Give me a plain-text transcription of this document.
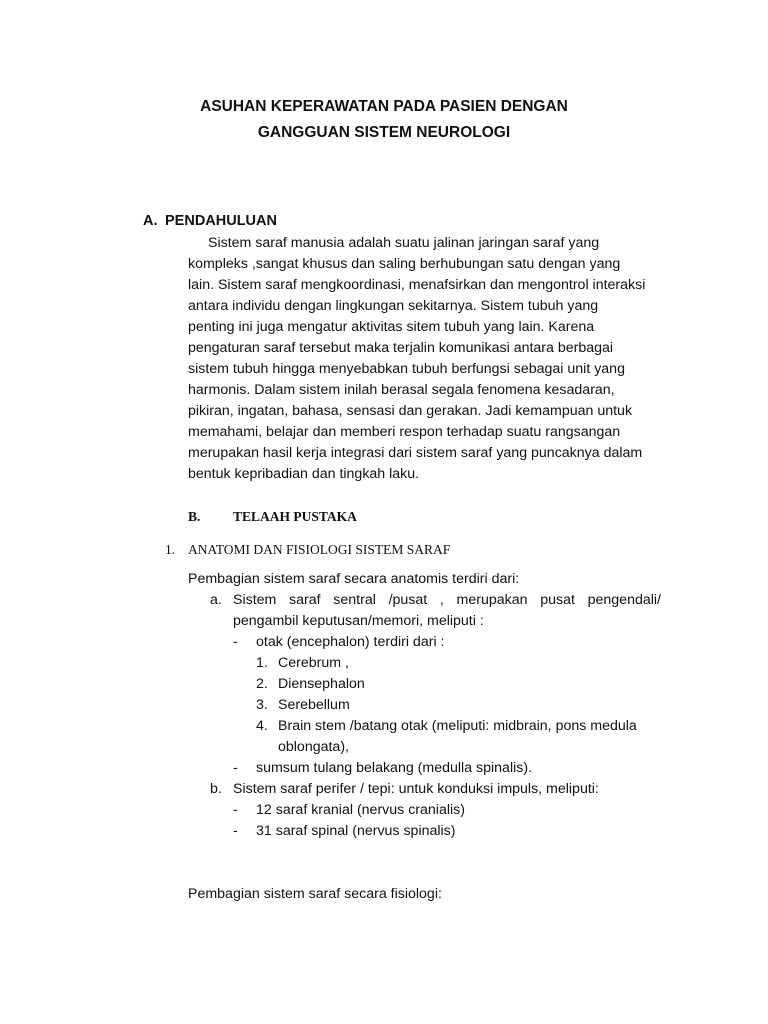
ASUHAN KEPERAWATAN PADA PASIEN DENGAN
GANGGUAN SISTEM NEUROLOGI
A. PENDAHULUAN

Sistem saraf manusia adalah suatu jalinan jaringan saraf yang kompleks ,sangat khusus dan saling berhubungan satu dengan yang lain. Sistem saraf mengkoordinasi, menafsirkan dan mengontrol interaksi antara individu dengan lingkungan sekitarnya. Sistem tubuh yang penting ini juga mengatur aktivitas sitem tubuh yang lain. Karena pengaturan saraf tersebut maka terjalin komunikasi antara berbagai sistem tubuh hingga menyebabkan tubuh berfungsi sebagai unit yang harmonis. Dalam sistem inilah berasal segala fenomena kesadaran, pikiran, ingatan, bahasa, sensasi dan gerakan. Jadi kemampuan untuk memahami, belajar dan memberi respon terhadap suatu rangsangan merupakan hasil kerja integrasi dari sistem saraf yang puncaknya dalam bentuk kepribadian dan tingkah laku.

B. TELAAH PUSTAKA
1. ANATOMI DAN FISIOLOGI SISTEM SARAF
Pembagian sistem saraf secara anatomis terdiri dari:
a. Sistem saraf sentral /pusat , merupakan pusat pengendali/
pengambil keputusan/memori, meliputi :
- otak (encephalon) terdiri dari :
1. Cerebrum ,
2. Diensephalon
3. Serebellum
4. Brain stem /batang otak (meliputi: midbrain, pons medula
oblongata),
- sumsum tulang belakang (medulla spinalis).
b. Sistem saraf perifer / tepi: untuk konduksi impuls, meliputi:
- 12 saraf kranial (nervus cranialis)
- 31 saraf spinal (nervus spinalis)
Pembagian sistem saraf secara fisiologi:
